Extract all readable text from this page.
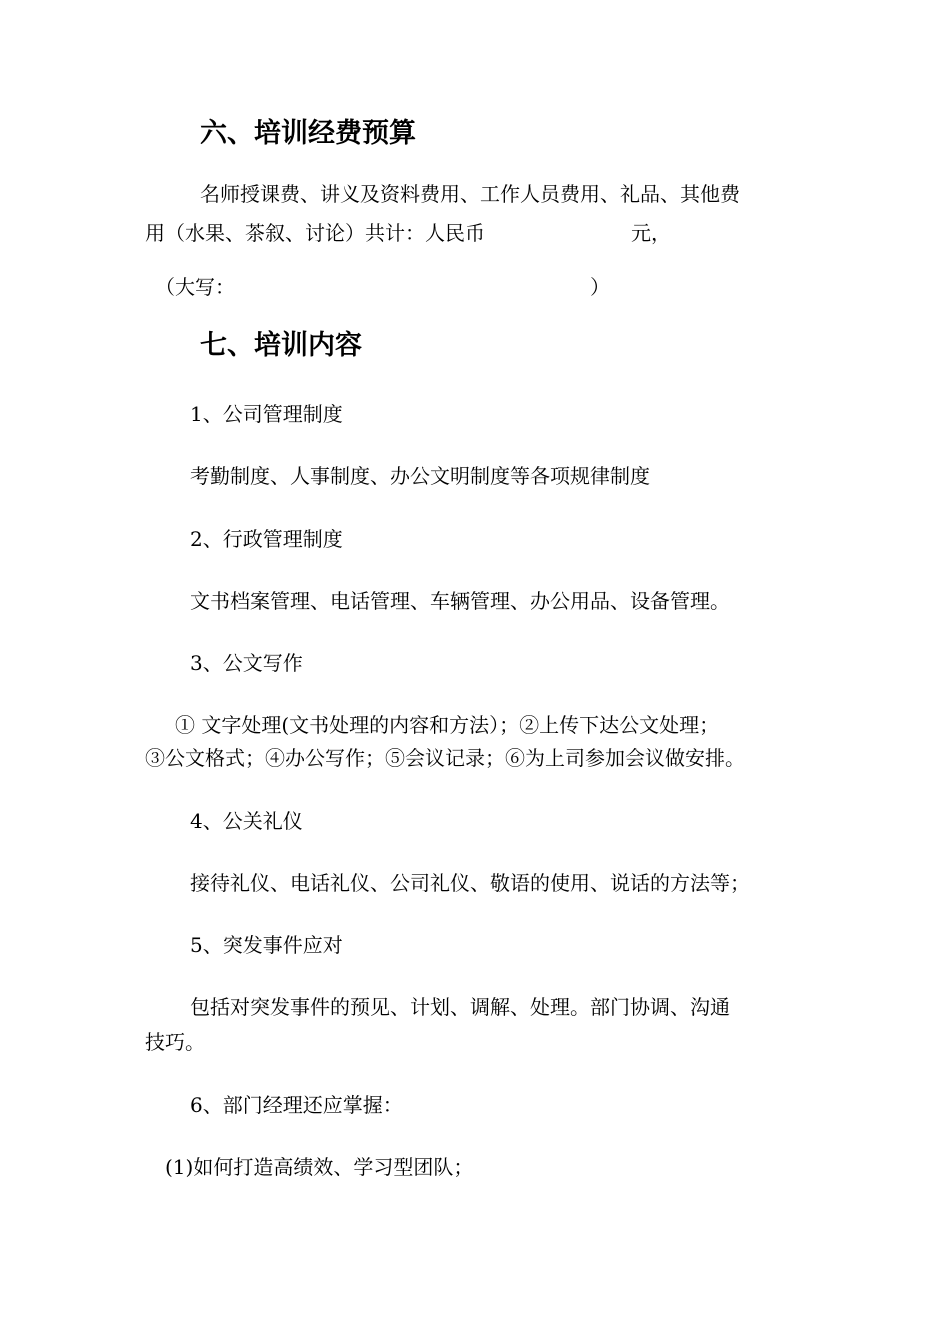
六、培训经费预算
名师授课费、讲义及资料费用、工作人员费用、礼品、其他费
用（水果、茶叙、讨论）共计：人民币	元，
（大写：	）
七、培训内容
1、公司管理制度
考勤制度、人事制度、办公文明制度等各项规律制度
2、行政管理制度
文书档案管理、电话管理、车辆管理、办公用品、设备管理。
3、公文写作
① 文字处理(文书处理的内容和方法）；②上传下达公文处理；
③公文格式；④办公写作；⑤会议记录；⑥为上司参加会议做安排。
4、公关礼仪
接待礼仪、电话礼仪、公司礼仪、敬语的使用、说话的方法等；
5、突发事件应对
包括对突发事件的预见、计划、调解、处理。部门协调、沟通
技巧。
6、部门经理还应掌握：
(1)如何打造高绩效、学习型团队；
